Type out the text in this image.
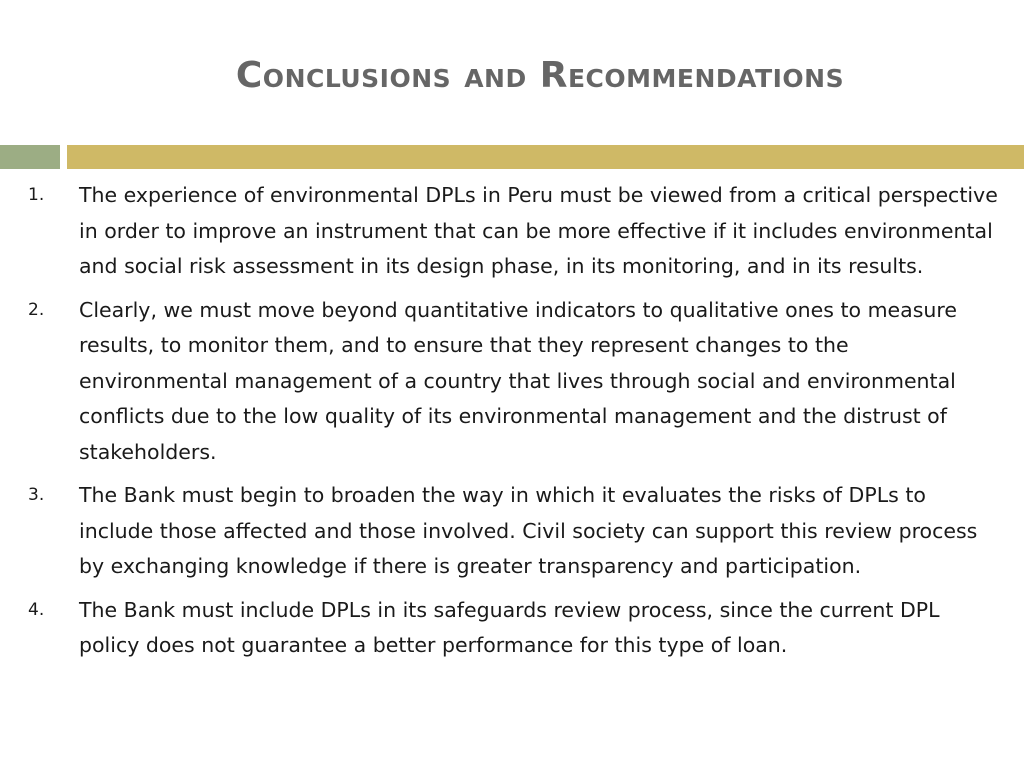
Conclusions and Recommendations
1. The experience of environmental DPLs in Peru must be viewed from a critical perspective in order to improve an instrument that can be more effective if it includes environmental and social risk assessment in its design phase, in its monitoring, and in its results.
2. Clearly, we must move beyond quantitative indicators to qualitative ones to measure results, to monitor them, and to ensure that they represent changes to the environmental management of a country that lives through social and environmental conflicts due to the low quality of its environmental management and the distrust of stakeholders.
3. The Bank must begin to broaden the way in which it evaluates the risks of DPLs to include those affected and those involved. Civil society can support this review process by exchanging knowledge if there is greater transparency and participation.
4. The Bank must include DPLs in its safeguards review process, since the current DPL policy does not guarantee a better performance for this type of loan.
